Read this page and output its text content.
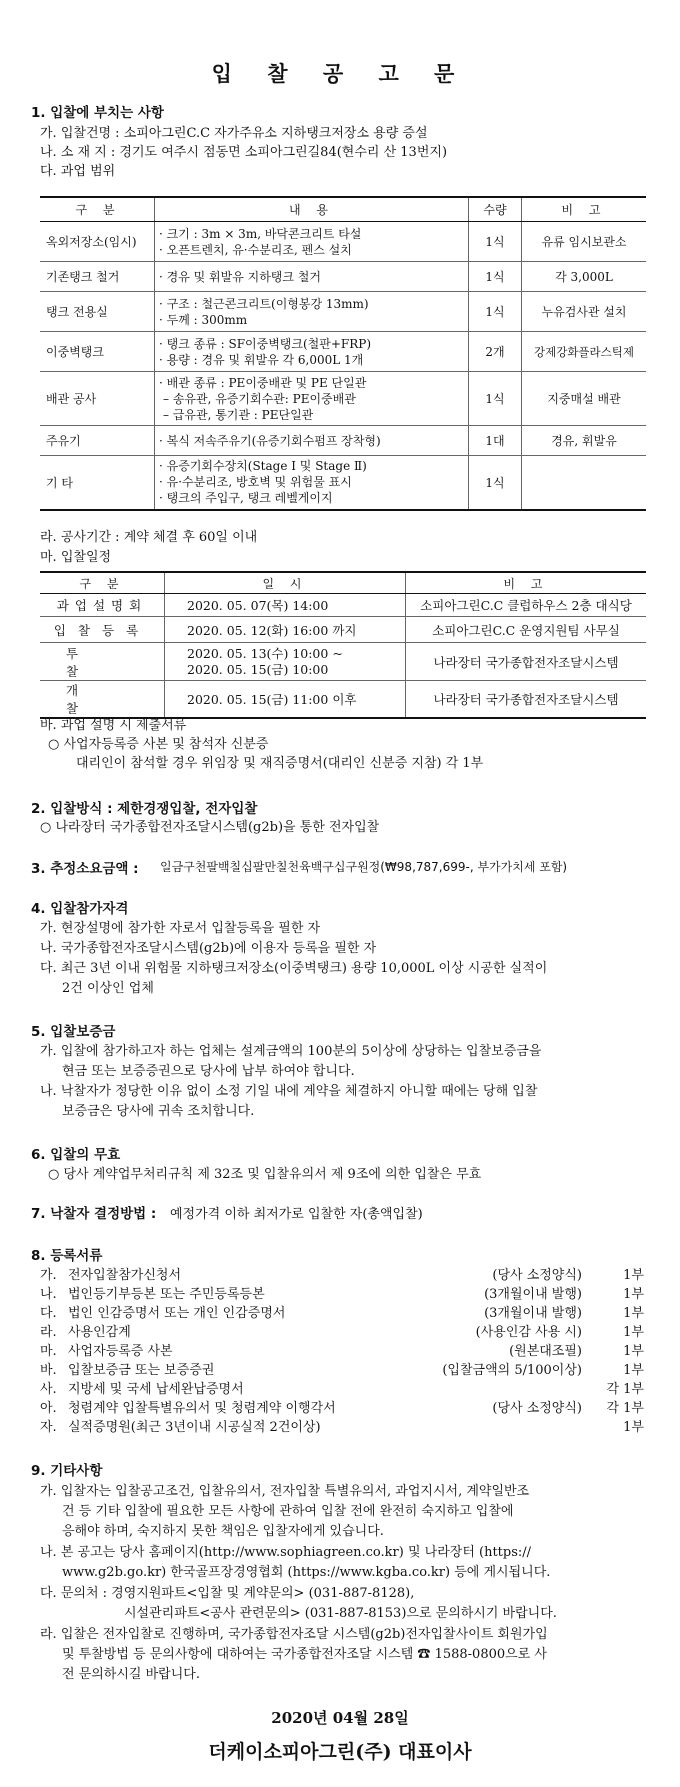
입 찰 공 고 문
1. 입찰에 부치는 사항
가. 입찰건명 : 소피아그린C.C 자가주유소 지하탱크저장소 용량 증설
나. 소 재 지 : 경기도 여주시 점동면 소피아그린길84(현수리 산 13번지)
다. 과업 범위
구 분	내 용	수량	비 고
옥외저장소(임시)	· 크기 : 3m × 3m, 바닥콘크리트 타설
· 오픈트렌치, 유·수분리조, 펜스 설치	1식	유류 임시보관소
기존탱크 철거	· 경유 및 휘발유 지하탱크 철거	1식	각 3,000L
탱크 전용실	· 구조 : 철근콘크리트(이형봉강 13mm)
· 두께 : 300mm	1식	누유검사관 설치
이중벽탱크	· 탱크 종류 : SF이중벽탱크(철판+FRP)
· 용량 : 경유 및 휘발유 각 6,000L 1개	2개	강제강화플라스틱제
배관 공사	· 배관 종류 : PE이중배관 및 PE 단일관
– 송유관, 유증기회수관: PE이중배관
– 급유관, 통기관 : PE단일관	1식	지중매설 배관
주유기	· 복식 저속주유기(유증기회수펌프 장착형)	1대	경유, 휘발유
기 타	· 유증기회수장치(Stage Ⅰ 및 Stage Ⅱ)
· 유·수분리조, 방호벽 및 위험물 표시
· 탱크의 주입구, 탱크 레벨게이지	1식	
라. 공사기간 : 계약 체결 후 60일 이내
마. 입찰일정
구 분	일 시	비 고
과업설명회	2020. 05. 07(목) 14:00	소피아그린C.C 클럽하우스 2층 대식당
입찰등록	2020. 05. 12(화) 16:00 까지	소피아그린C.C 운영지원팀 사무실
투찰	2020. 05. 13(수) 10:00 ~
2020. 05. 15(금) 10:00	나라장터 국가종합전자조달시스템
개찰	2020. 05. 15(금) 11:00 이후	나라장터 국가종합전자조달시스템
바. 과업 설명 시 제출서류
○ 사업자등록증 사본 및 참석자 신분증
대리인이 참석할 경우 위임장 및 재직증명서(대리인 신분증 지참) 각 1부
2. 입찰방식 : 제한경쟁입찰, 전자입찰
○ 나라장터 국가종합전자조달시스템(g2b)을 통한 전자입찰
3. 추정소요금액 : 일금구천팔백칠십팔만칠천육백구십구원정(₩98,787,699-, 부가가치세 포함)
4. 입찰참가자격
가. 현장설명에 참가한 자로서 입찰등록을 필한 자
나. 국가종합전자조달시스템(g2b)에 이용자 등록을 필한 자
다. 최근 3년 이내 위험물 지하탱크저장소(이중벽탱크) 용량 10,000L 이상 시공한 실적이
2건 이상인 업체
5. 입찰보증금
가. 입찰에 참가하고자 하는 업체는 설계금액의 100분의 5이상에 상당하는 입찰보증금을
현금 또는 보증증권으로 당사에 납부 하여야 합니다.
나. 낙찰자가 정당한 이유 없이 소정 기일 내에 계약을 체결하지 아니할 때에는 당해 입찰
보증금은 당사에 귀속 조치합니다.
6. 입찰의 무효
○ 당사 계약업무처리규칙 제 32조 및 입찰유의서 제 9조에 의한 입찰은 무효
7. 낙찰자 결정방법 : 예정가격 이하 최저가로 입찰한 자(총액입찰)
8. 등록서류
가. 전자입찰참가신청서	(당사 소정양식)	1부
나. 법인등기부등본 또는 주민등록등본	(3개월이내 발행)	1부
다. 법인 인감증명서 또는 개인 인감증명서	(3개월이내 발행)	1부
라. 사용인감계	(사용인감 사용 시)	1부
마. 사업자등록증 사본	(원본대조필)	1부
바. 입찰보증금 또는 보증증권	(입찰금액의 5/100이상)	1부
사. 지방세 및 국세 납세완납증명서	각 1부
아. 청렴계약 입찰특별유의서 및 청렴계약 이행각서	(당사 소정양식) 각 1부
자. 실적증명원(최근 3년이내 시공실적 2건이상)	1부
9. 기타사항
가. 입찰자는 입찰공고조건, 입찰유의서, 전자입찰 특별유의서, 과업지시서, 계약일반조
건 등 기타 입찰에 필요한 모든 사항에 관하여 입찰 전에 완전히 숙지하고 입찰에
응해야 하며, 숙지하지 못한 책임은 입찰자에게 있습니다.
나. 본 공고는 당사 홈페이지(http://www.sophiagreen.co.kr) 및 나라장터 (https://
www.g2b.go.kr) 한국골프장경영협회 (https://www.kgba.co.kr) 등에 게시됩니다.
다. 문의처 : 경영지원파트<입찰 및 계약문의> (031-887-8128),
시설관리파트<공사 관련문의> (031-887-8153)으로 문의하시기 바랍니다.
라. 입찰은 전자입찰로 진행하며, 국가종합전자조달 시스템(g2b)전자입찰사이트 회원가입
및 투찰방법 등 문의사항에 대하여는 국가종합전자조달 시스템 ☎ 1588-0800으로 사
전 문의하시길 바랍니다.
2020년 04월 28일
더케이소피아그린(주) 대표이사
